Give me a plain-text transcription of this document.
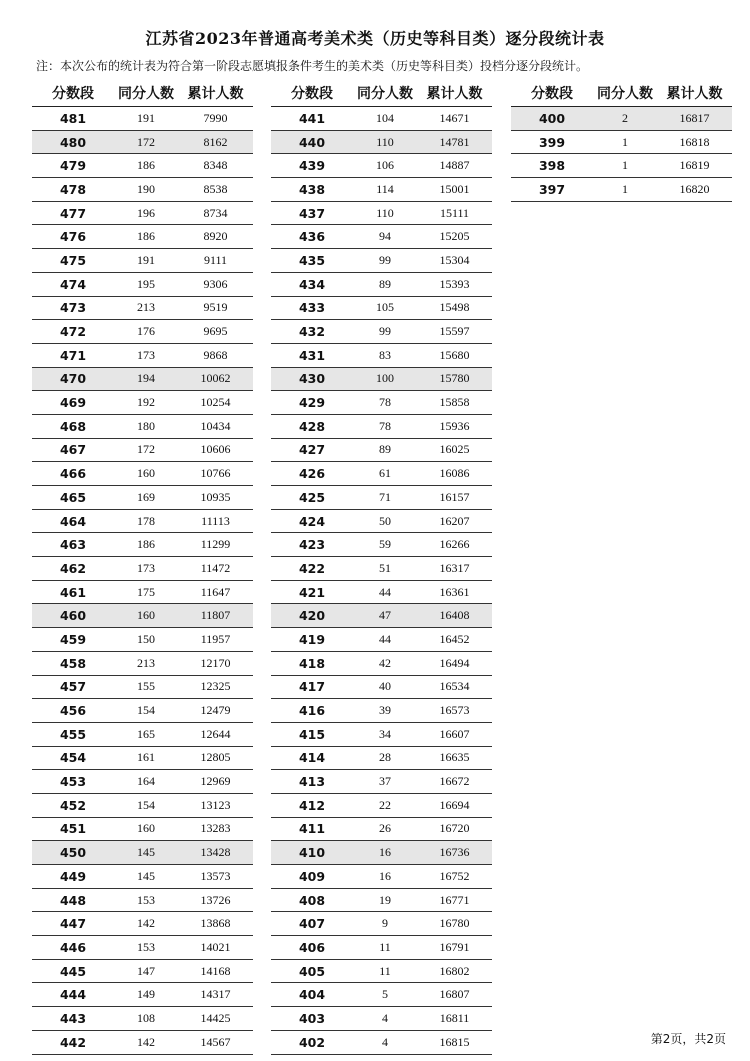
江苏省2023年普通高考美术类（历史等科目类）逐分段统计表
注：本次公布的统计表为符合第一阶段志愿填报条件考生的美术类（历史等科目类）投档分逐分段统计。
分数段	同分人数 累计人数
481	191	7990
480	172	8162
479	186	8348
478	190	8538
477	196	8734
476	186	8920
475	191	9111
474	195	9306
473	213	9519
472	176	9695
471	173	9868
470	194	10062
469	192	10254
468	180	10434
467	172	10606
466	160	10766
465	169	10935
464	178	11113
463	186	11299
462	173	11472
461	175	11647
460	160	11807
459	150	11957
458	213	12170
457	155	12325
456	154	12479
455	165	12644
454	161	12805
453	164	12969
452	154	13123
451	160	13283
450	145	13428
449	145	13573
448	153	13726
447	142	13868
446	153	14021
445	147	14168
444	149	14317
443	108	14425
442	142	14567
分数段	同分人数 累计人数
441	104	14671
440	110	14781
439	106	14887
438	114	15001
437	110	15111
436	94	15205
435	99	15304
434	89	15393
433	105	15498
432	99	15597
431	83	15680
430	100	15780
429	78	15858
428	78	15936
427	89	16025
426	61	16086
425	71	16157
424	50	16207
423	59	16266
422	51	16317
421	44	16361
420	47	16408
419	44	16452
418	42	16494
417	40	16534
416	39	16573
415	34	16607
414	28	16635
413	37	16672
412	22	16694
411	26	16720
410	16	16736
409	16	16752
408	19	16771
407	9	16780
406	11	16791
405	11	16802
404	5	16807
403	4	16811
402	4	16815
分数段	同分人数 累计人数
400	2	16817
399	1	16818
398	1	16819
397	1	16820
第2页，共2页
